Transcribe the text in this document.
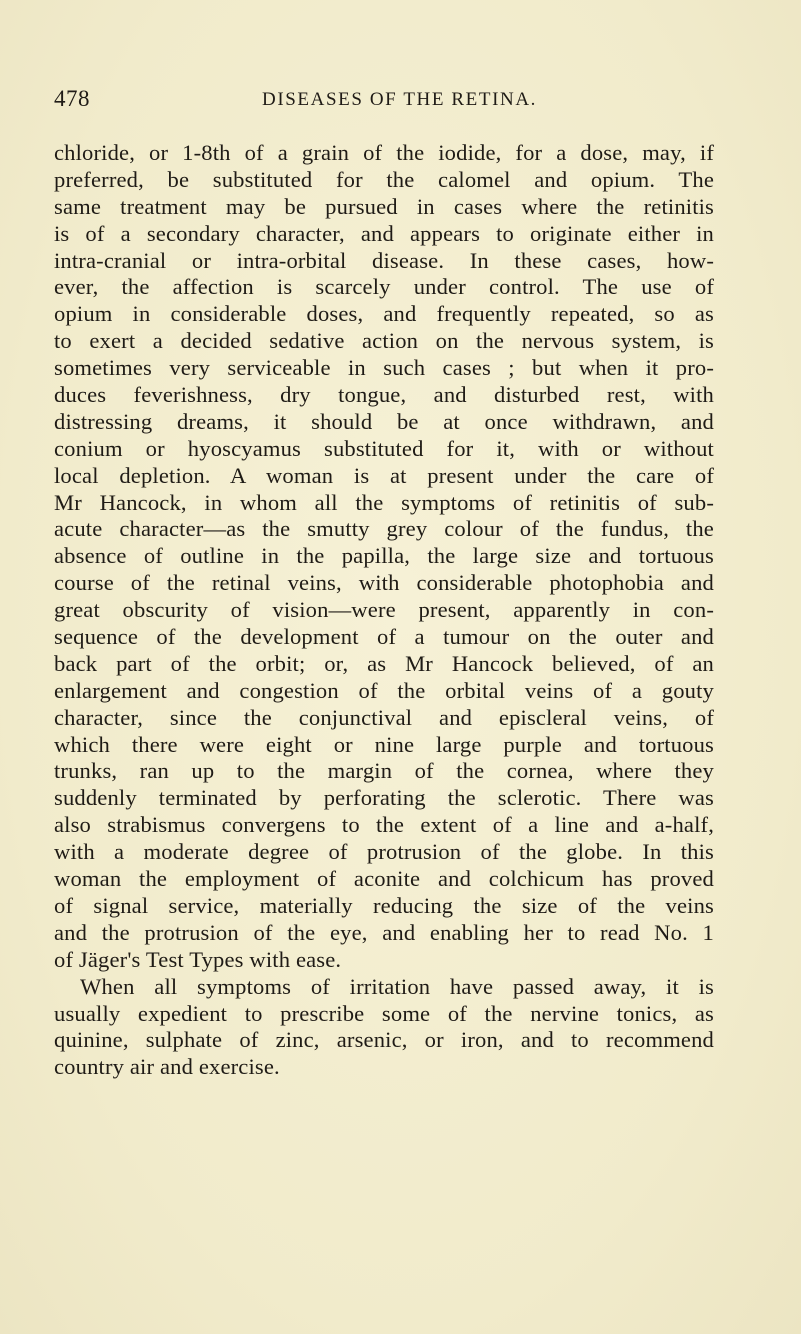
478	DISEASES OF THE RETINA.
chloride, or 1-8th of a grain of the iodide, for a dose, may, if
preferred, be substituted for the calomel and opium. The
same treatment may be pursued in cases where the retinitis
is of a secondary character, and appears to originate either in
intra-cranial or intra-orbital disease. In these cases, how-
ever, the affection is scarcely under control. The use of
opium in considerable doses, and frequently repeated, so as
to exert a decided sedative action on the nervous system, is
sometimes very serviceable in such cases ; but when it pro-
duces feverishness, dry tongue, and disturbed rest, with
distressing dreams, it should be at once withdrawn, and
conium or hyoscyamus substituted for it, with or without
local depletion. A woman is at present under the care of
Mr Hancock, in whom all the symptoms of retinitis of sub-
acute character—as the smutty grey colour of the fundus, the
absence of outline in the papilla, the large size and tortuous
course of the retinal veins, with considerable photophobia and
great obscurity of vision—were present, apparently in con-
sequence of the development of a tumour on the outer and
back part of the orbit; or, as Mr Hancock believed, of an
enlargement and congestion of the orbital veins of a gouty
character, since the conjunctival and episcleral veins, of
which there were eight or nine large purple and tortuous
trunks, ran up to the margin of the cornea, where they
suddenly terminated by perforating the sclerotic. There was
also strabismus convergens to the extent of a line and a-half,
with a moderate degree of protrusion of the globe. In this
woman the employment of aconite and colchicum has proved
of signal service, materially reducing the size of the veins
and the protrusion of the eye, and enabling her to read No. 1
of Jäger's Test Types with ease.
When all symptoms of irritation have passed away, it is
usually expedient to prescribe some of the nervine tonics, as
quinine, sulphate of zinc, arsenic, or iron, and to recommend
country air and exercise.
